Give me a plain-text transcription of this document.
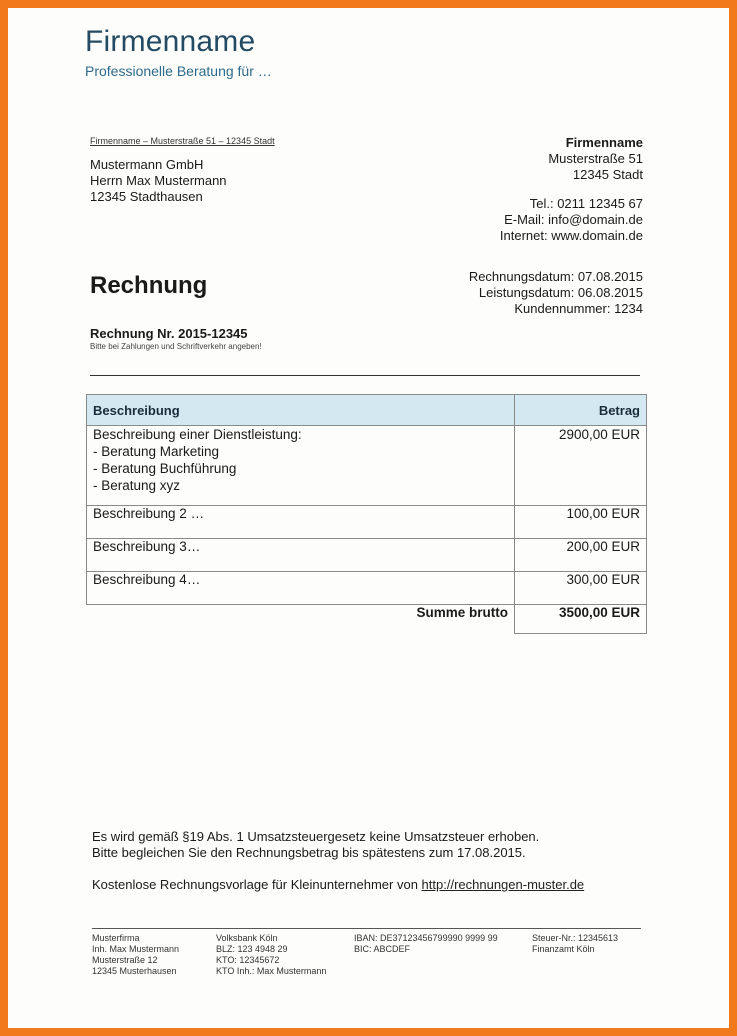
Firmenname
Professionelle Beratung für …
Firmenname – Musterstraße 51 – 12345 Stadt
Mustermann GmbH
Herrn Max Mustermann
12345 Stadthausen
Firmenname
Musterstraße 51
12345 Stadt
Tel.: 0211 12345 67
E-Mail: info@domain.de
Internet: www.domain.de
Rechnung	Rechnungsdatum: 07.08.2015
Leistungsdatum: 06.08.2015
Kundennummer: 1234
Rechnung Nr. 2015-12345
Bitte bei Zahlungen und Schriftverkehr angeben!
Beschreibung	Betrag

Beschreibung einer Dienstleistung:
- Beratung Marketing
- Beratung Buchführung
- Beratung xyz	2900,00 EUR
Beschreibung 2 …	100,00 EUR
Beschreibung 3…	200,00 EUR
Beschreibung 4…	300,00 EUR
Summe brutto	3500,00 EUR
Es wird gemäß §19 Abs. 1 Umsatzsteuergesetz keine Umsatzsteuer erhoben.
Bitte begleichen Sie den Rechnungsbetrag bis spätestens zum 17.08.2015.
Kostenlose Rechnungsvorlage für Kleinunternehmer von http://rechnungen-muster.de
Musterfirma
Inh. Max Mustermann
Musterstraße 12
12345 Musterhausen
Volksbank Köln
BLZ: 123 4948 29
KTO: 12345672
KTO Inh.: Max Mustermann
IBAN: DE37123456799990 9999 99
BIC: ABCDEF
Steuer-Nr.: 12345613
Finanzamt Köln
